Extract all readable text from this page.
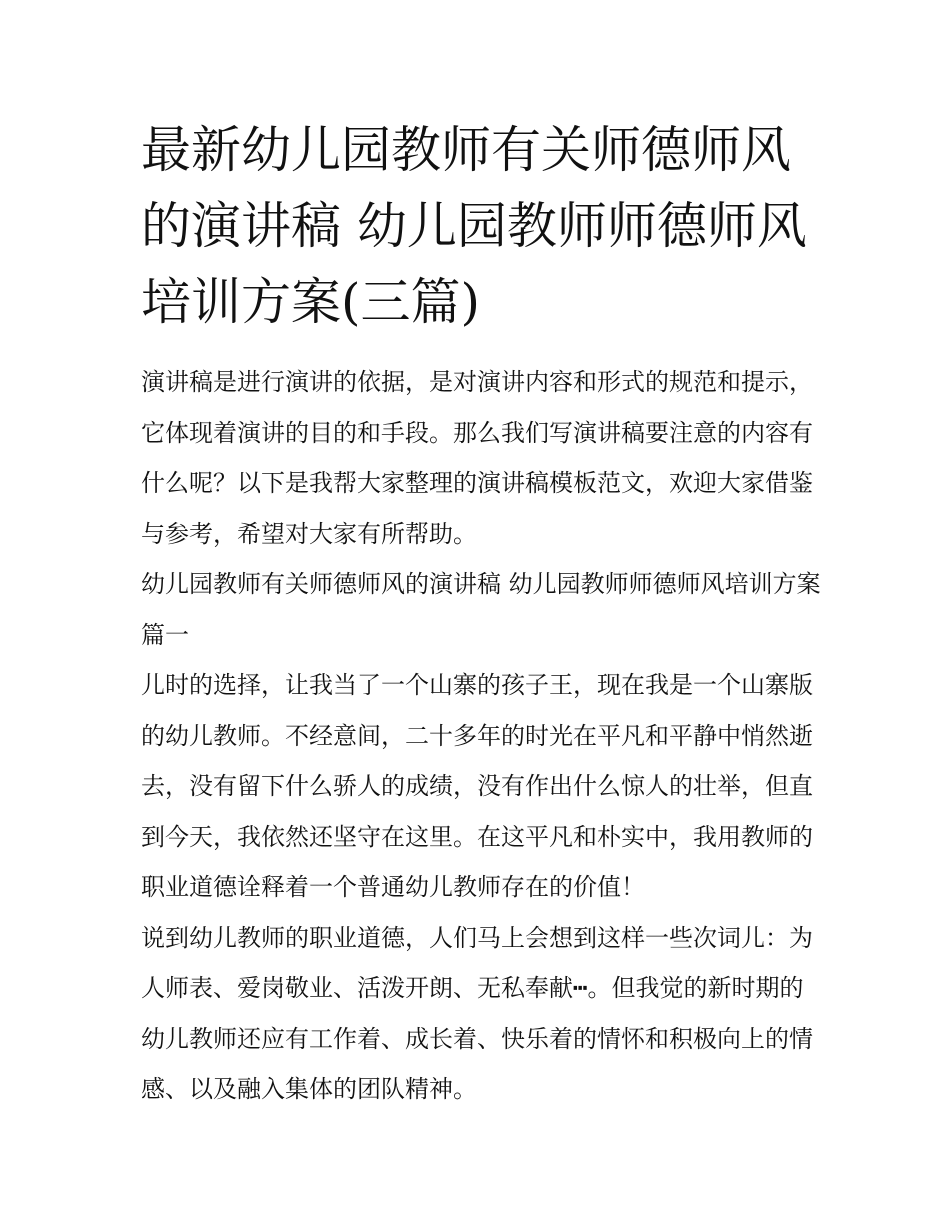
最新幼儿园教师有关师德师风的演讲稿 幼儿园教师师德师风培训方案(三篇)

演讲稿是进行演讲的依据，是对演讲内容和形式的规范和提示，它体现着演讲的目的和手段。那么我们写演讲稿要注意的内容有什么呢？以下是我帮大家整理的演讲稿模板范文，欢迎大家借鉴与参考，希望对大家有所帮助。

幼儿园教师有关师德师风的演讲稿 幼儿园教师师德师风培训方案篇一

儿时的选择，让我当了一个山寨的孩子王，现在我是一个山寨版的幼儿教师。不经意间，二十多年的时光在平凡和平静中悄然逝去，没有留下什么骄人的成绩，没有作出什么惊人的壮举，但直到今天，我依然还坚守在这里。在这平凡和朴实中，我用教师的职业道德诠释着一个普通幼儿教师存在的价值！

说到幼儿教师的职业道德，人们马上会想到这样一些次词儿：为人师表、爱岗敬业、活泼开朗、无私奉献┅。但我觉的新时期的幼儿教师还应有工作着、成长着、快乐着的情怀和积极向上的情感、以及融入集体的团队精神。
